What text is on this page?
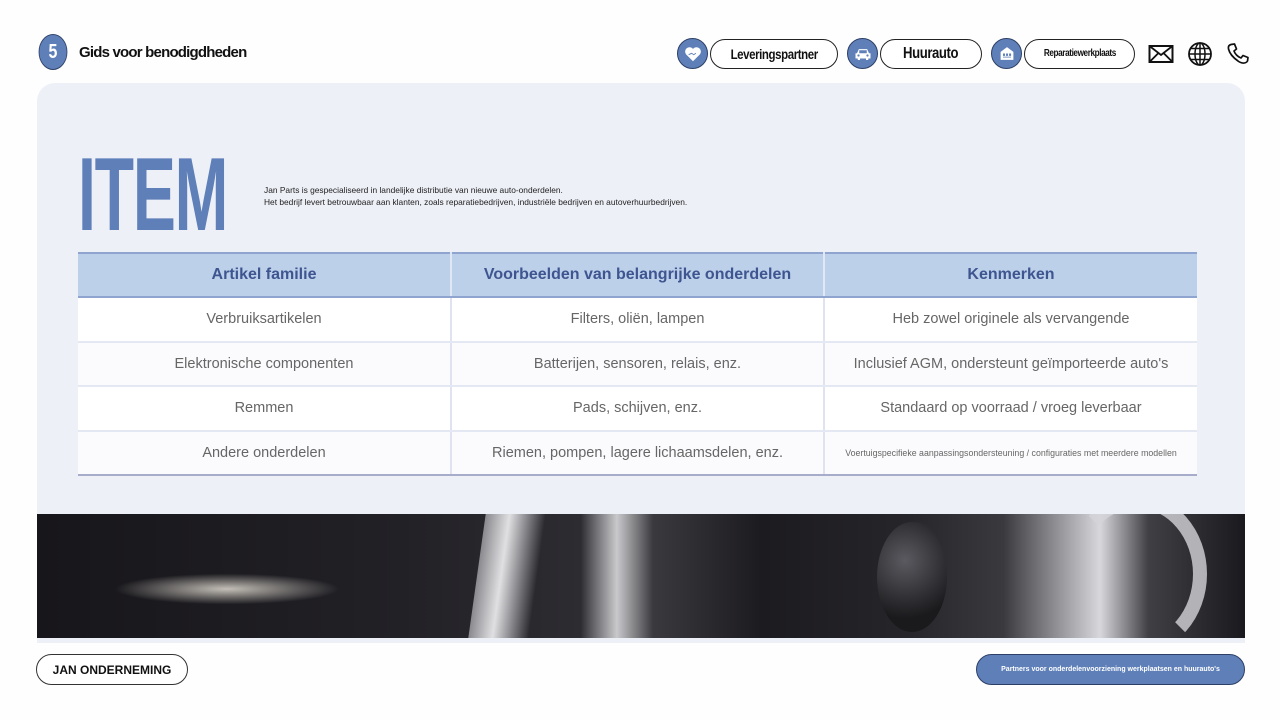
5	Gids voor benodigdheden	Leveringspartner	Huurauto	Reparatiewerkplaats
ITEM	Jan Parts is gespecialiseerd in landelijke distributie van nieuwe auto-onderdelen.
Het bedrijf levert betrouwbaar aan klanten, zoals reparatiebedrijven, industriële bedrijven en autoverhuurbedrijven.
Artikel familie	Voorbeelden van belangrijke onderdelen	Kenmerken
Verbruiksartikelen	Filters, oliën, lampen	Heb zowel originele als vervangende
Elektronische componenten	Batterijen, sensoren, relais, enz.	Inclusief AGM, ondersteunt geïmporteerde auto's
Remmen	Pads, schijven, enz.	Standaard op voorraad / vroeg leverbaar
Andere onderdelen	Riemen, pompen, lagere lichaamsdelen, enz.	Voertuigspecifieke aanpassingsondersteuning / configuraties met meerdere modellen
JAN ONDERNEMING	Partners voor onderdelenvoorziening werkplaatsen en huurauto's
